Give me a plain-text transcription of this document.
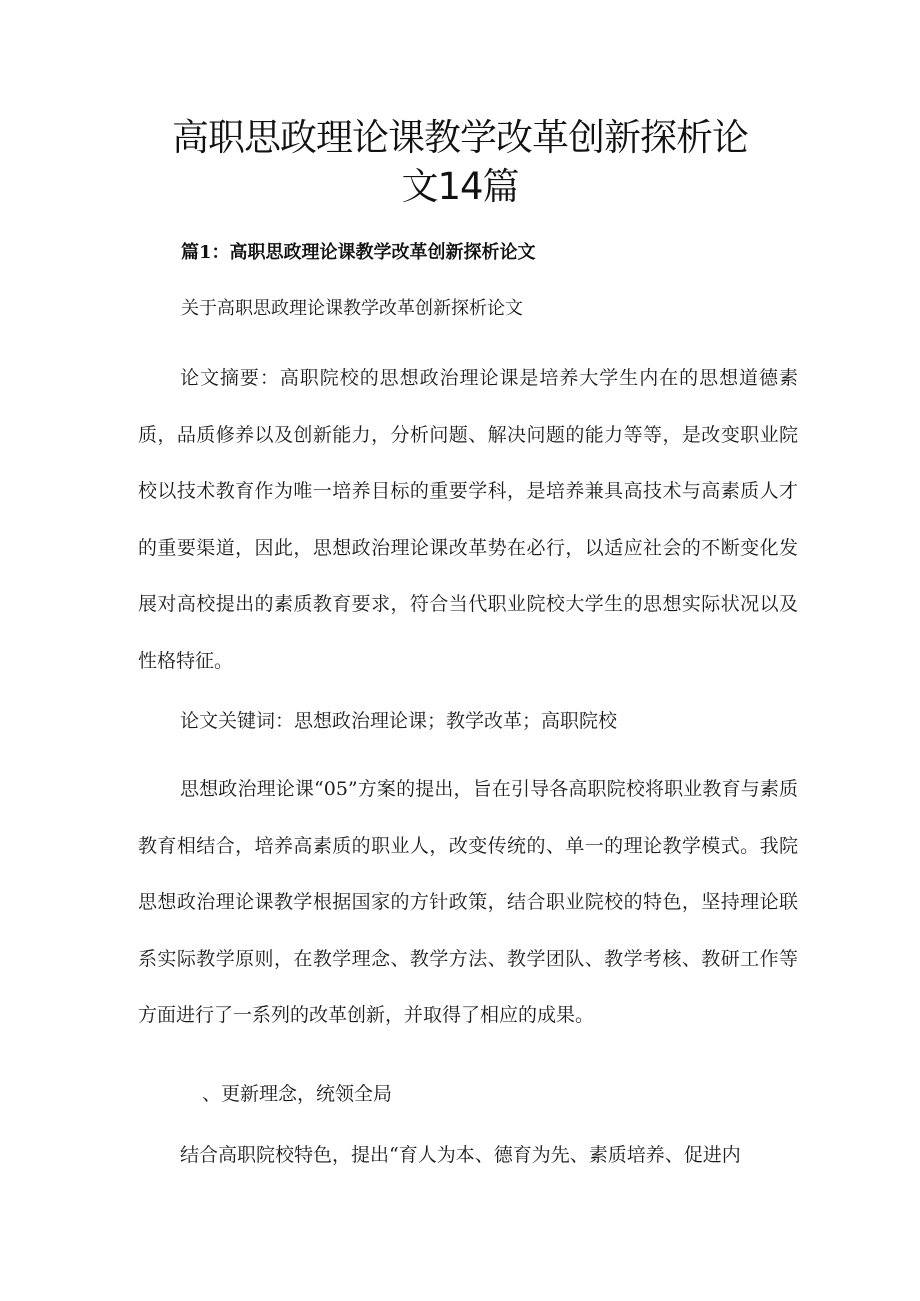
高职思政理论课教学改革创新探析论
文14篇
篇1：高职思政理论课教学改革创新探析论文

关于高职思政理论课教学改革创新探析论文

论文摘要：高职院校的思想政治理论课是培养大学生内在的思想道德素质，品质修养以及创新能力，分析问题、解决问题的能力等等，是改变职业院校以技术教育作为唯一培养目标的重要学科，是培养兼具高技术与高素质人才的重要渠道，因此，思想政治理论课改革势在必行，以适应社会的不断变化发展对高校提出的素质教育要求，符合当代职业院校大学生的思想实际状况以及性格特征。

论文关键词：思想政治理论课；教学改革；高职院校

思想政治理论课“05”方案的提出，旨在引导各高职院校将职业教育与素质教育相结合，培养高素质的职业人，改变传统的、单一的理论教学模式。我院思想政治理论课教学根据国家的方针政策，结合职业院校的特色，坚持理论联系实际教学原则，在教学理念、教学方法、教学团队、教学考核、教研工作等方面进行了一系列的改革创新，并取得了相应的成果。

、更新理念，统领全局

结合高职院校特色，提出“育人为本、德育为先、素质培养、促进内
